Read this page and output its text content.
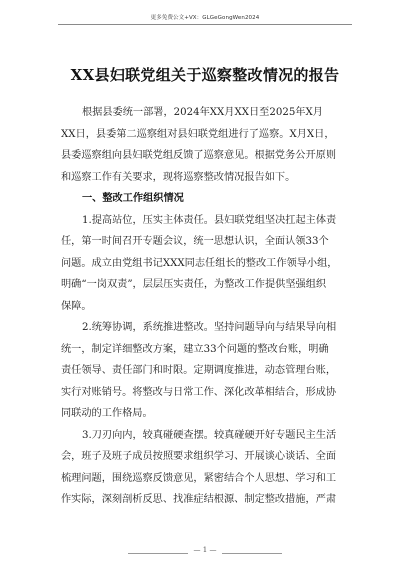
更多免费公文+VX：GLGeGongWen2024
XX县妇联党组关于巡察整改情况的报告

根据县委统一部署，2024年XX月XX日至2025年X月
XX日，县委第二巡察组对县妇联党组进行了巡察。X月X日，
县委巡察组向县妇联党组反馈了巡察意见。根据党务公开原则
和巡察工作有关要求，现将巡察整改情况报告如下。

一、整改工作组织情况

1.提高站位，压实主体责任。县妇联党组坚决扛起主体责
任，第一时间召开专题会议，统一思想认识，全面认领33个
问题。成立由党组书记XXX同志任组长的整改工作领导小组，
明确“一岗双责”，层层压实责任，为整改工作提供坚强组织
保障。

2.统筹协调，系统推进整改。坚持问题导向与结果导向相
统一，制定详细整改方案，建立33个问题的整改台账，明确
责任领导、责任部门和时限。定期调度推进，动态管理台账，
实行对账销号。将整改与日常工作、深化改革相结合，形成协
同联动的工作格局。

3.刀刃向内，较真碰硬查摆。较真碰硬开好专题民主生活
会，班子及班子成员按照要求组织学习、开展谈心谈话、全面
梳理问题，围绕巡察反馈意见，紧密结合个人思想、学习和工
作实际，深刻剖析反思、找准症结根源、制定整改措施，严肃

— 1 —
